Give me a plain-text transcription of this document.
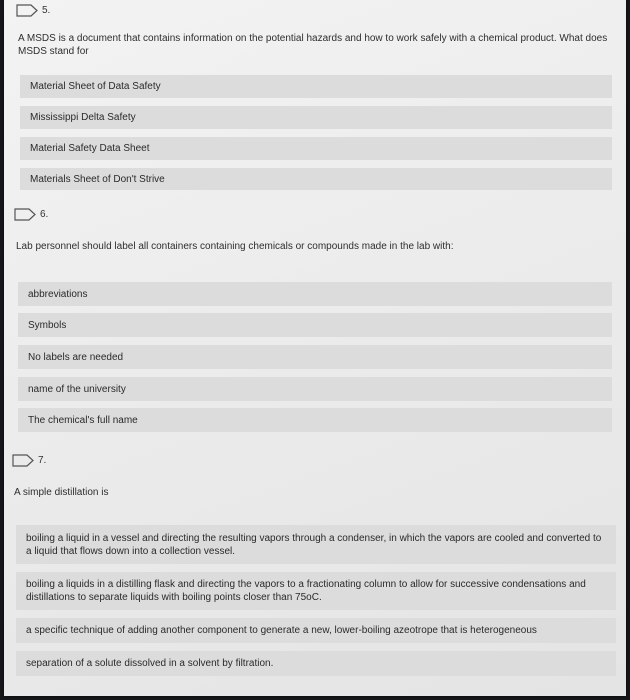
5.
A MSDS is a document that contains information on the potential hazards and how to work safely with a chemical product. What does MSDS stand for
Material Sheet of Data Safety
Mississippi Delta Safety
Material Safety Data Sheet
Materials Sheet of Don't Strive
6.
Lab personnel should label all containers containing chemicals or compounds made in the lab with:
abbreviations
Symbols
No labels are needed
name of the university
The chemical's full name
7.
A simple distillation is
boiling a liquid in a vessel and directing the resulting vapors through a condenser, in which the vapors are cooled and converted to a liquid that flows down into a collection vessel.
boiling a liquids in a distilling flask and directing the vapors to a fractionating column to allow for successive condensations and distillations to separate liquids with boiling points closer than 75oC.
a specific technique of adding another component to generate a new, lower-boiling azeotrope that is heterogeneous
separation of a solute dissolved in a solvent by filtration.
